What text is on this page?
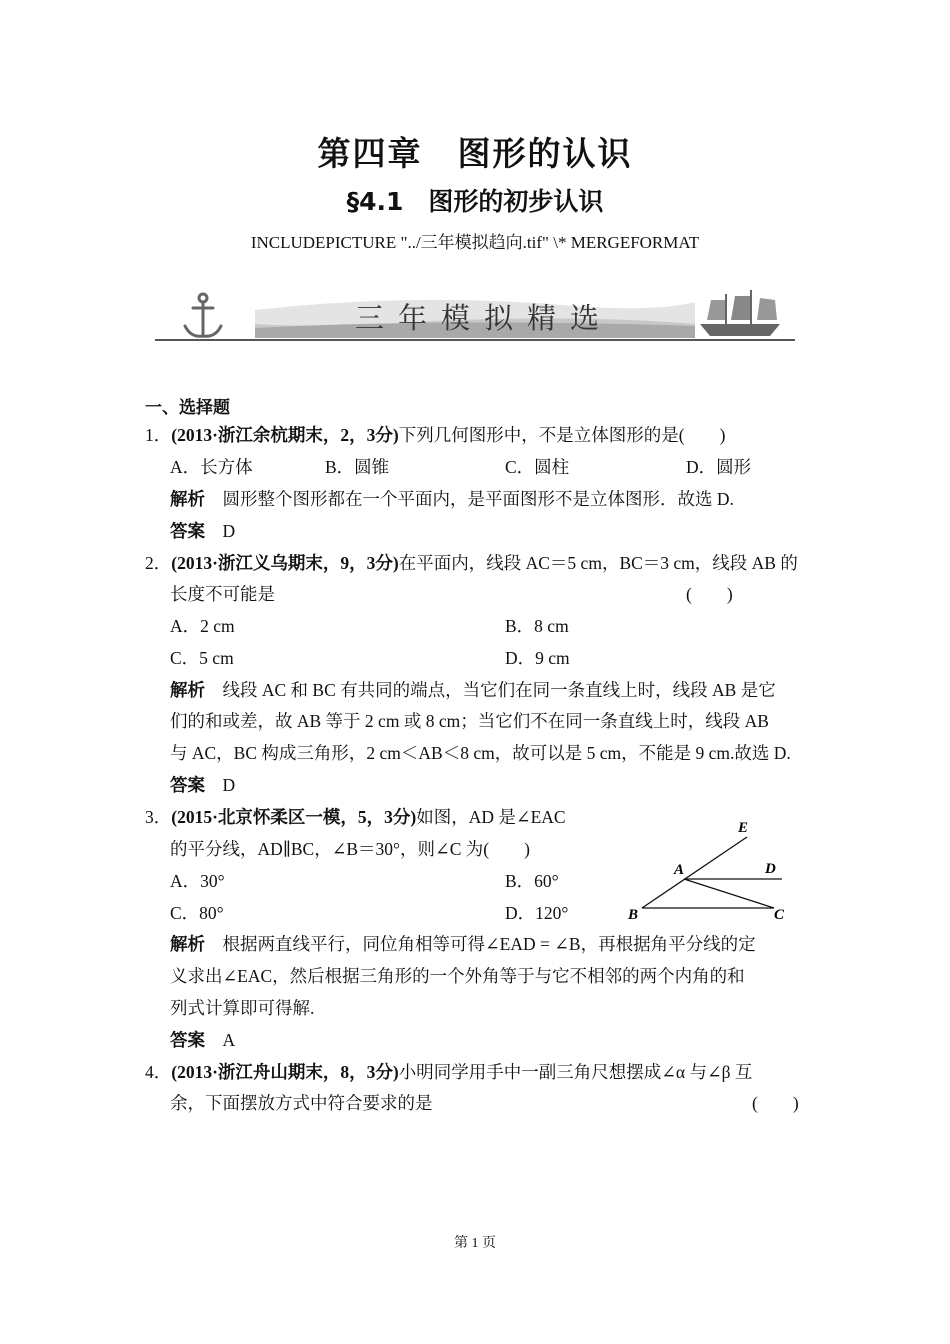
第四章　图形的认识
§4.1　图形的初步认识
INCLUDEPICTURE "../三年模拟趋向.tif" \* MERGEFORMAT
三年模拟精选
一、选择题
1．(2013·浙江余杭期末，2，3分)下列几何图形中，不是立体图形的是(　　)
A．长方体	B．圆锥	C．圆柱	D．圆形
解析　 圆形整个图形都在一个平面内，是平面图形不是立体图形．故选 D.
答案　 D
2．(2013·浙江义乌期末，9，3分)在平面内，线段 AC＝5 cm，BC＝3 cm，线段 AB 的
长度不可能是	(　　)
A．2 cm	B．8 cm
C．5 cm	D．9 cm
解析　 线段 AC 和 BC 有共同的端点，当它们在同一条直线上时，线段 AB 是它
们的和或差，故 AB 等于 2 cm 或 8 cm；当它们不在同一条直线上时，线段 AB
与 AC，BC 构成三角形，2 cm＜AB＜8 cm，故可以是 5 cm，不能是 9 cm.故选 D.
答案　 D
3．(2015·北京怀柔区一模，5，3分)如图，AD 是∠EAC
的平分线，AD∥BC，∠B＝30°，则∠C 为(　　)
A．30°	B．60°
C．80°	D．120°
E
A	D
B	C
解析　 根据两直线平行，同位角相等可得∠EAD = ∠B，再根据角平分线的定
义求出∠EAC，然后根据三角形的一个外角等于与它不相邻的两个内角的和
列式计算即可得解.
答案　 A
4．(2013·浙江舟山期末，8，3分)小明同学用手中一副三角尺想摆成∠α 与∠β 互
余，下面摆放方式中符合要求的是	(　　)
第 1 页
